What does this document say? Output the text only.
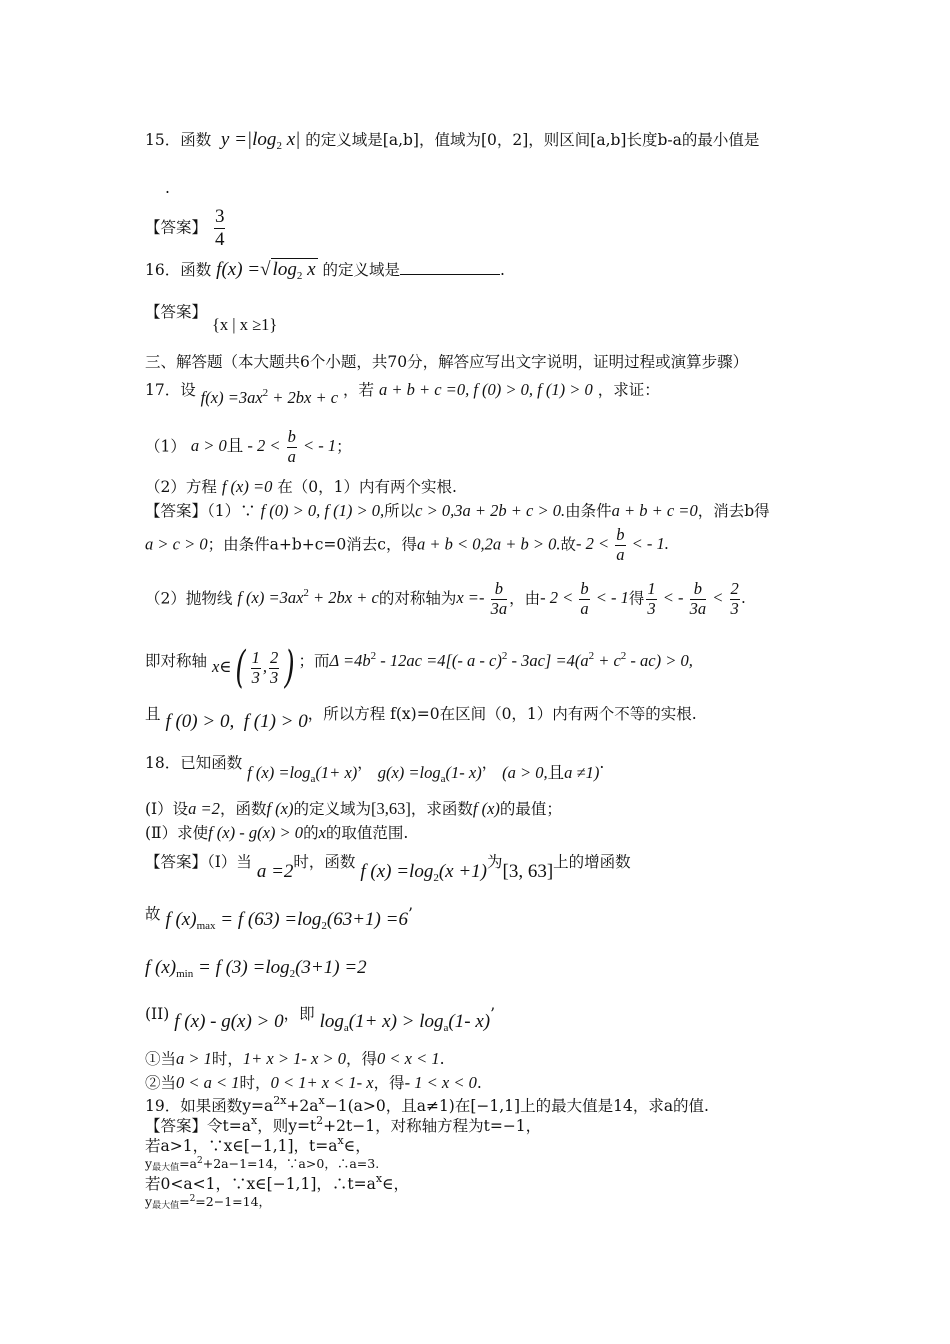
15．函数  $y =|\log_2$ x| 的定义域是[a,b]，值域为[0，2]，则区间[a,b]长度b-a的最小值是
.
【答案】 $\frac{3}{4}$
16．函数 f(x) =√ $\log_2 x$ 的定义域是	.
【答案】
{x | x ≥1}
三、解答题（本大题共6个小题，共70分，解答应写出文字说明，证明过程或演算步骤）
17．设 $f(x) =3ax^2 + 2bx + c$ ，若 a + b + c =0, f (0) > 0, f (1) > 0 ，求证：
（1） a > 0且 - $2 < \frac{b}{a}$ < - 1；
（2）方程 f (x) =0 在（0，1）内有两个实根.
【答案】（1）∵ f (0) > 0, f (1) > 0,所以c > 0,3a + 2b + c > 0.由条件a + b + c =0，消去b得
a > c > 0；由条件a+b+c=0消去c，得a + b < 0,2a + b > 0.故- $2 < \frac{b}{a}$ < - 1.
（2）抛物线 f $(x) =3ax^2 + 2bx + c$的对称轴为$x =- \frac{b}{3a}$ ，由- $2 < \frac{b}{a}$ < - 1得 $\frac{1}{3}$ < - $\frac{b}{3a} < \frac{2}{3}$ .
即对称轴 x∈( $\frac{1}{3}$ , $\frac{2}{3}$ ) ；而$\Delta =4b^2 - 12ac =4[(-$ $a - c)^2 - 3ac] =4(a^2 + c^2 - ac) > 0$,
且 f (0) > 0,  f (1) > 0，所以方程 f(x)=0在区间（0，1）内有两个不等的实根.
18．已知函数 f $(x) =\log_a(1+ x)$， $g(x) =\log_a(1-$ x)， (a > 0,且a ≠1).
(I）设a =2，函数f (x)的定义域为[3,63]，求函数f (x)的最值；
(Ⅱ）求使f (x) - g(x) > 0的x的取值范围.
【答案】（I）当 a =2时，函数 f $(x) =\log_2(x +1)$为[3, 63]上的增函数
故 f $(x)_{max} = f$ $(63) =\log_2(63+1) =6$’
f $(x)_{min} = f$ $(3) =\log_2(3+1) =2$
(II) f (x) - g(x) > 0，即 $\log_a(1+ x) > \log_a(1-$ x)’
①当a > 1时，1+ x > 1- x > 0，得0 < x < 1.
②当0 < a < 1时，0 < 1+ x < 1- x，得- 1 < x < 0.
19．如果函数$y=a^{2x}+2a^x-1(a>0$，且a≠1)在[−1,1]上的最大值是14，求a的值.
【答案】令$t=a^x$，则$y=t^2+2t-1$，对称轴方程为t=−1，
若a>1，∵x∈[−1,1]，$t=a^x\in$，
y最大值$=a^2+2a-1=14$，∵a>0，∴a=3.
若0<a<1，∵x∈[−1,1]，$\therefore t=a^x\in$，
y最大值=$^2$=2−1=14，
